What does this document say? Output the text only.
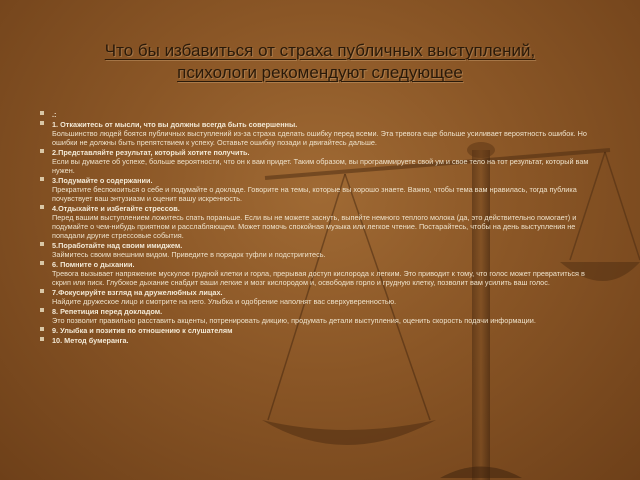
Что бы избавиться от страха публичных выступлений,
психологи рекомендуют следующее
.:
1. Откажитесь от мысли, что вы должны всегда быть совершенны.
Большинство людей боятся публичных выступлений из-за страха сделать ошибку перед всеми. Эта тревога еще больше усиливает вероятность ошибок. Но ошибки не должны быть препятствием к успеху. Оставьте ошибку позади и двигайтесь дальше.
2.Представляйте результат, который хотите получить.
Если вы думаете об успехе, больше вероятности, что он к вам придет. Таким образом, вы программируете свой ум и свое тело на тот результат, который вам нужен.
3.Подумайте о содержании.
Прекратите беспокоиться о себе и подумайте о докладе. Говорите на темы, которые вы хорошо знаете. Важно, чтобы тема вам нравилась, тогда публика почувствует ваш энтузиазм и оценит вашу искренность.
4.Отдыхайте и избегайте стрессов.
Перед вашим выступлением ложитесь спать пораньше. Если вы не можете заснуть, выпейте немного теплого молока (да, это действительно помогает) и подумайте о чем-нибудь приятном и расслабляющем. Может помочь спокойная музыка или легкое чтение. Постарайтесь, чтобы на день выступления не попадали другие стрессовые события.
5.Поработайте над своим имиджем.
Займитесь своим внешним видом. Приведите в порядок туфли и подстригитесь.
6. Помните о дыхании.
Тревога вызывает напряжение мускулов грудной клетки и горла, прерывая доступ кислорода к легким. Это приводит к тому, что голос может превратиться в скрип или писк. Глубокое дыхание снабдит ваши легкие и мозг кислородом и, освободив горло и грудную клетку, позволит вам усилить ваш голос.
7.Фокусируйте взгляд на дружелюбных лицах.
Найдите дружеское лицо и смотрите на него. Улыбка и одобрение наполнят вас сверхуверенностью.
8. Репетиция перед докладом.
Это позволит правильно расставить акценты, потренировать дикцию, продумать детали выступления, оценить скорость подачи информации.
9. Улыбка и позитив по отношению к слушателям
10. Метод бумеранга.
